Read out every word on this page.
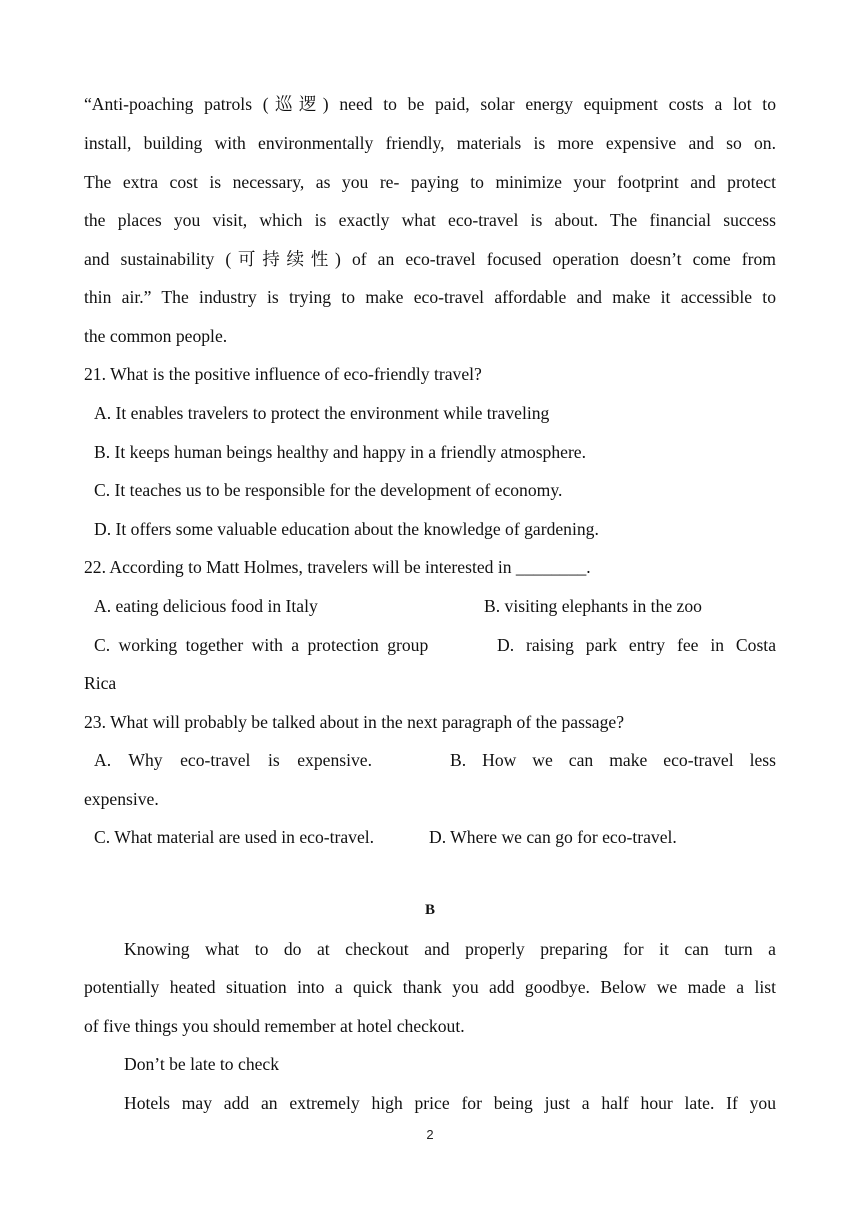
“Anti-poaching patrols (巡逻) need to be paid, solar energy equipment costs a lot to
install, building with environmentally friendly, materials is more expensive and so on.
The extra cost is necessary, as you re- paying to minimize your footprint and protect
the places you visit, which is exactly what eco-travel is about. The financial success
and sustainability (可持续性) of an eco-travel focused operation doesn’t come from
thin air.” The industry is trying to make eco-travel affordable and make it accessible to
the common people.
21. What is the positive influence of eco-friendly travel?
A. It enables travelers to protect the environment while traveling
B. It keeps human beings healthy and happy in a friendly atmosphere.
C. It teaches us to be responsible for the development of economy.
D. It offers some valuable education about the knowledge of gardening.
22. According to Matt Holmes, travelers will be interested in ________.
A. eating delicious food in Italy	B. visiting elephants in the zoo
C. working together with a protection group	D. raising park entry fee in Costa
Rica
23. What will probably be talked about in the next paragraph of the passage?
A. Why eco-travel is expensive.	B. How we can make eco-travel less
expensive.
C. What material are used in eco-travel.	D. Where we can go for eco-travel.
B
Knowing what to do at checkout and properly preparing for it can turn a
potentially heated situation into a quick thank you add goodbye. Below we made a list
of five things you should remember at hotel checkout.
Don’t be late to check
Hotels may add an extremely high price for being just a half hour late. If you
2
